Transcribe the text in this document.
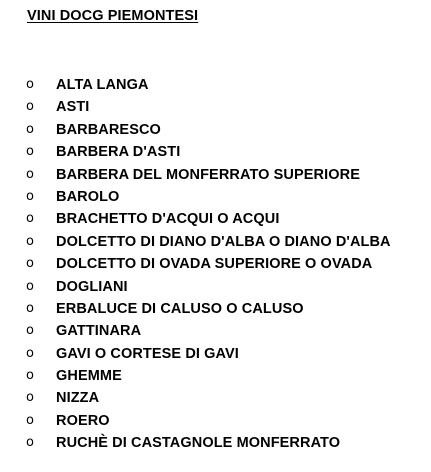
VINI DOCG PIEMONTESI
o ALTA LANGA
o ASTI
o BARBARESCO
o BARBERA D'ASTI
o BARBERA DEL MONFERRATO SUPERIORE
o BAROLO
o BRACHETTO D'ACQUI O ACQUI
o DOLCETTO DI DIANO D'ALBA O DIANO D'ALBA
o DOLCETTO DI OVADA SUPERIORE O OVADA
o DOGLIANI
o ERBALUCE DI CALUSO O CALUSO
o GATTINARA
o GAVI O CORTESE DI GAVI
o GHEMME
o NIZZA
o ROERO
o RUCHÈ DI CASTAGNOLE MONFERRATO
